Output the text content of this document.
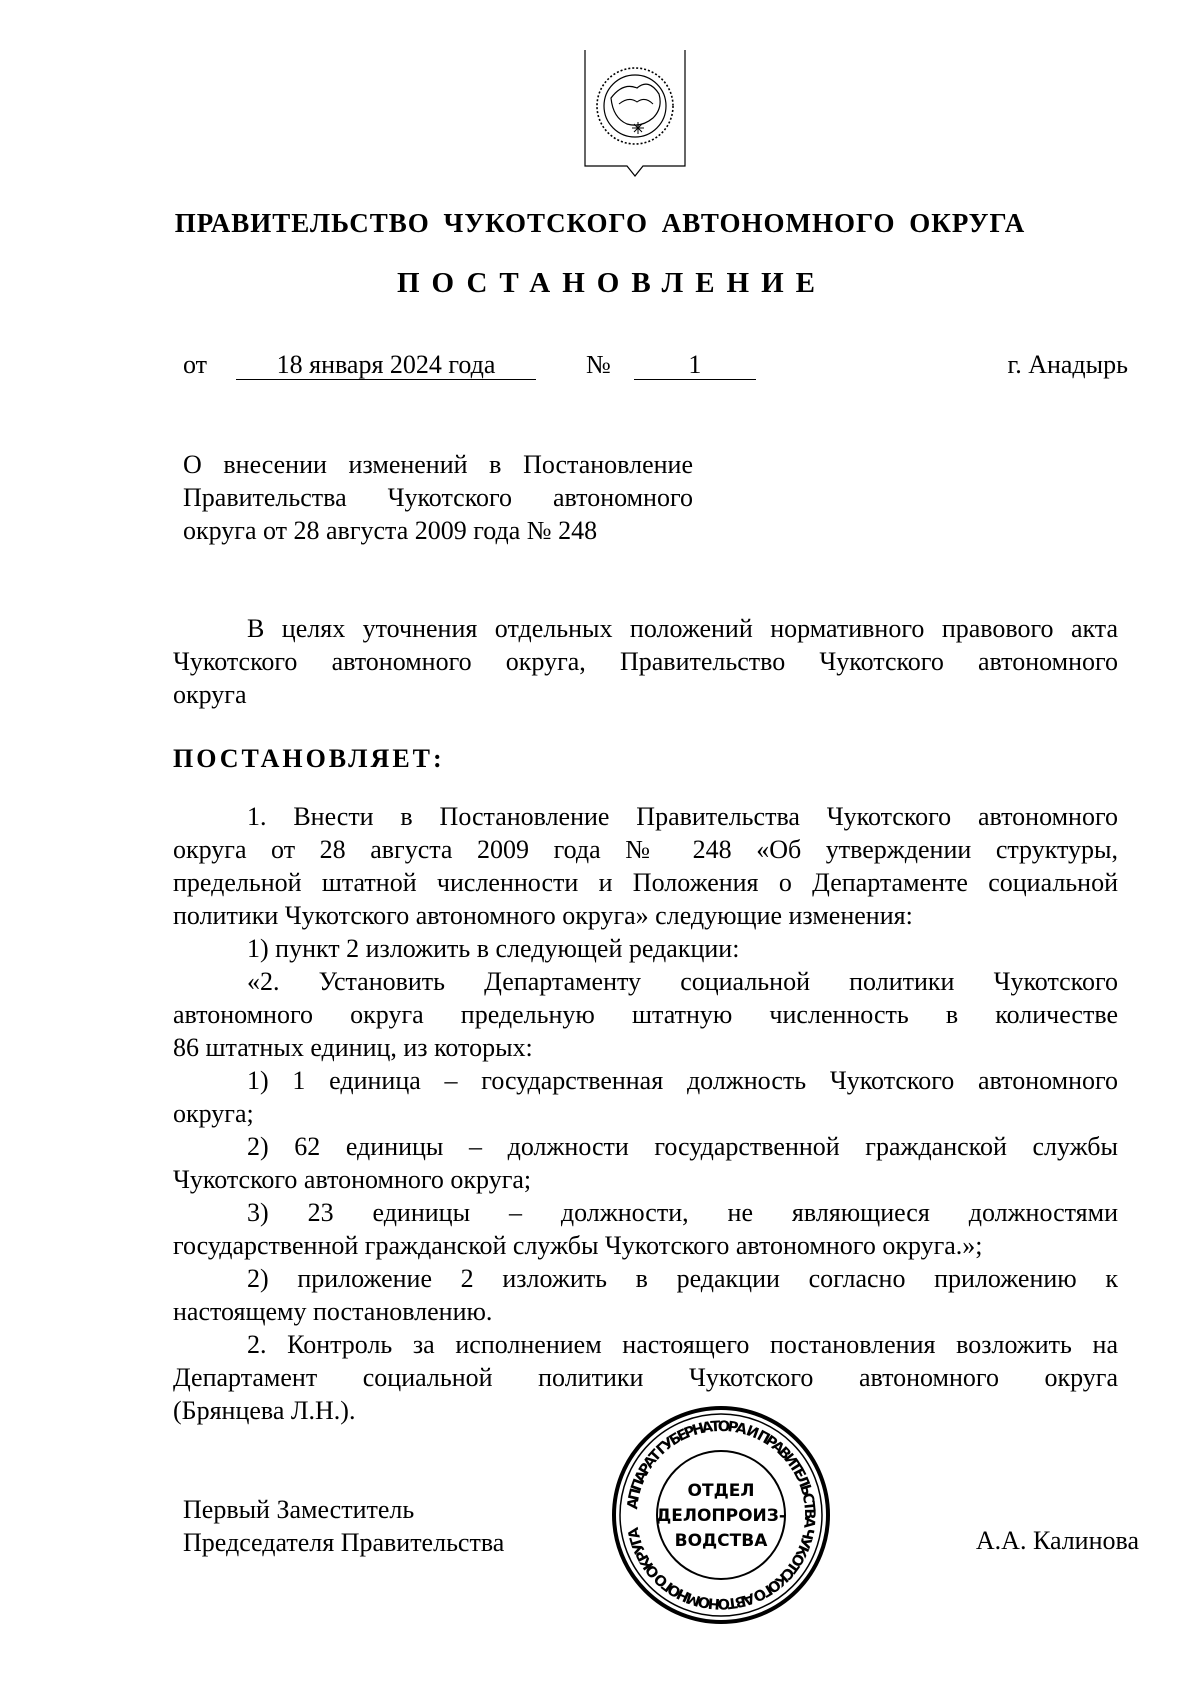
ПРАВИТЕЛЬСТВО ЧУКОТСКОГО АВТОНОМНОГО ОКРУГА
ПОСТАНОВЛЕНИЕ
от	18 января 2024 года	№	1	г. Анадырь
О внесении изменений в Постановление
Правительства Чукотского автономного
округа от 28 августа 2009 года № 248
В целях уточнения отдельных положений нормативного правового акта
Чукотского автономного округа, Правительство Чукотского автономного
округа
ПОСТАНОВЛЯЕТ:
1. Внести в Постановление Правительства Чукотского автономного
округа от 28 августа 2009 года № 248 «Об утверждении структуры,
предельной штатной численности и Положения о Департаменте социальной
политики Чукотского автономного округа» следующие изменения:
1) пункт 2 изложить в следующей редакции:
«2. Установить Департаменту социальной политики Чукотского
автономного округа предельную штатную численность в количестве
86 штатных единиц, из которых:
1) 1 единица – государственная должность Чукотского автономного
округа;
2) 62 единицы – должности государственной гражданской службы
Чукотского автономного округа;
3) 23 единицы – должности, не являющиеся должностями
государственной гражданской службы Чукотского автономного округа.»;
2) приложение 2 изложить в редакции согласно приложению к
настоящему постановлению.
2. Контроль за исполнением настоящего постановления возложить на
Департамент социальной политики Чукотского автономного округа
(Брянцева Л.Н.).
Первый Заместитель
Председателя Правительства	А.А. Калинова
АППАРАТ ГУБЕРНАТОРА И ПРАВИТЕЛЬСТВА ЧУКОТСКОГО АВТОНОМНОГО ОКРУГА
ОТДЕЛ
ДЕЛОПРОИЗ-
ВОДСТВА
